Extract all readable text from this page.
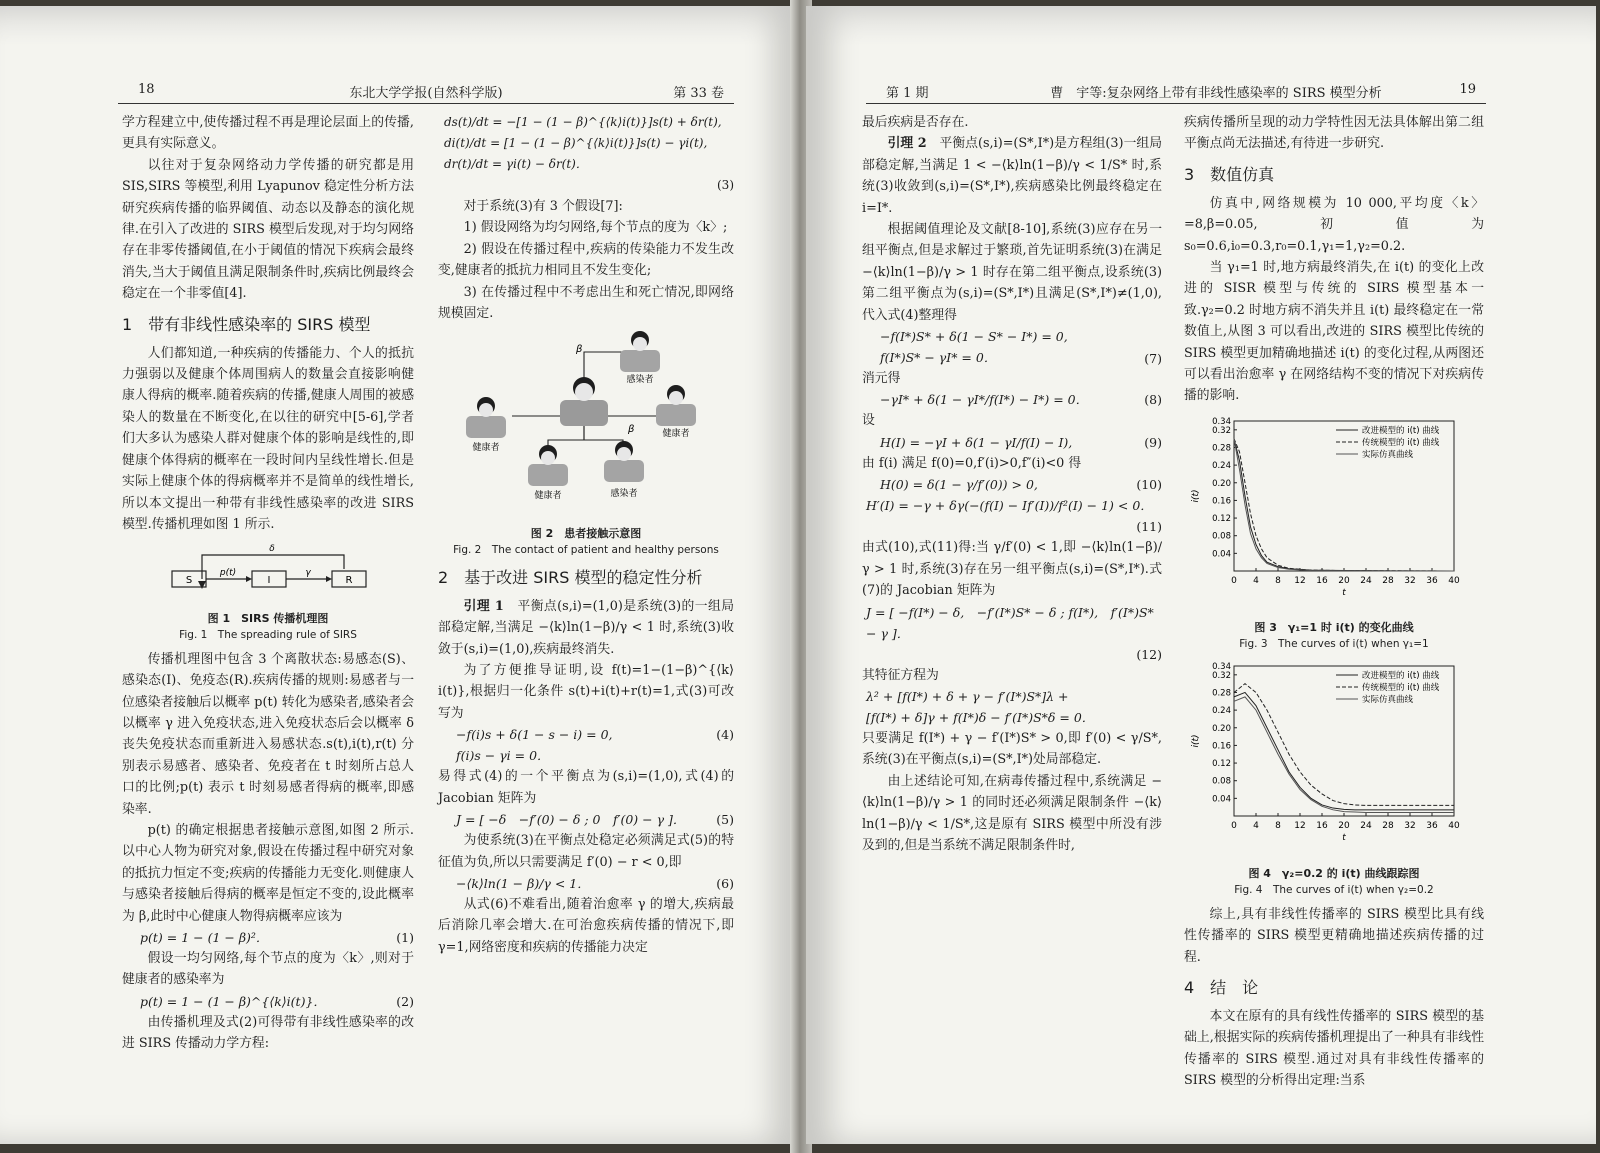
18	东北大学学报(自然科学版)	第 33 卷

学方程建立中,使传播过程不再是理论层面上的传播,更具有实际意义。

以往对于复杂网络动力学传播的研究都是用 SIS,SIRS 等模型,利用 Lyapunov 稳定性分析方法研究疾病传播的临界阈值、动态以及静态的演化规律.在引入了改进的 SIRS 模型后发现,对于均匀网络存在非零传播阈值,在小于阈值的情况下疾病会最终消失,当大于阈值且满足限制条件时,疾病比例最终会稳定在一个非零值[4].

1　带有非线性感染率的 SIRS 模型

人们都知道,一种疾病的传播能力、个人的抵抗力强弱以及健康个体周围病人的数量会直接影响健康人得病的概率.随着疾病的传播,健康人周围的被感染人的数量在不断变化,在以往的研究中[5-6],学者们大多认为感染人群对健康个体的影响是线性的,即健康个体得病的概率在一段时间内呈线性增长.但是实际上健康个体的得病概率并不是简单的线性增长,所以本文提出一种带有非线性感染率的改进 SIRS 模型.传播机理如图 1 所示.

S	I	R
p(t)	γ
δ
图 1　SIRS 传播机理图
Fig. 1　The spreading rule of SIRS

传播机理图中包含 3 个离散状态:易感态(S)、感染态(I)、免疫态(R).疾病传播的规则:易感者与一位感染者接触后以概率 p(t) 转化为感染者,感染者会以概率 γ 进入免疫状态,进入免疫状态后会以概率 δ 丧失免疫状态而重新进入易感状态.s(t),i(t),r(t) 分别表示易感者、感染者、免疫者在 t 时刻所占总人口的比例;p(t) 表示 t 时刻易感者得病的概率,即感染率.

p(t) 的确定根据患者接触示意图,如图 2 所示.以中心人物为研究对象,假设在传播过程中研究对象的抵抗力恒定不变;疾病的传播能力无变化.则健康人与感染者接触后得病的概率是恒定不变的,设此概率为 β,此时中心健康人物得病概率应该为

p(t) = 1 − (1 − β)²．	(1)

假设一均匀网络,每个节点的度为〈k〉,则对于健康者的感染率为

p(t) = 1 − (1 − β)^{⟨k⟩i(t)}．	(2)

由传播机理及式(2)可得带有非线性感染率的改进 SIRS 传播动力学方程:

ds(t)/dt = −[1 − (1 − β)^{⟨k⟩i(t)}]s(t) + δr(t),
di(t)/dt = [1 − (1 − β)^{⟨k⟩i(t)}]s(t) − γi(t),
dr(t)/dt = γi(t) − δr(t)．
(3)

对于系统(3)有 3 个假设[7]:

1) 假设网络为均匀网络,每个节点的度为〈k〉;

2) 假设在传播过程中,疾病的传染能力不发生改变,健康者的抵抗力相同且不发生变化;

3) 在传播过程中不考虑出生和死亡情况,即网络规模固定.

β
β
感染者
健康者
健康者
健康者	感染者
图 2　患者接触示意图
Fig. 2　The contact of patient and healthy persons
2　基于改进 SIRS 模型的稳定性分析

引理 1　 平衡点(s,i)=(1,0)是系统(3)的一组局部稳定解,当满足 −⟨k⟩ln(1−β)/γ < 1 时,系统(3)收敛于(s,i)=(1,0),疾病最终消失.

为了方便推导证明,设 f(t)=1−(1−β)^{⟨k⟩i(t)},根据归一化条件 s(t)+i(t)+r(t)=1,式(3)可改写为

−f(i)s + δ(1 − s − i) = 0,
f(i)s − γi = 0．
(4)

易得式(4)的一个平衡点为(s,i)=(1,0),式(4)的 Jacobian 矩阵为

J = [ −δ　−f′(0) − δ ; 0　f′(0) − γ ]． (5)

为使系统(3)在平衡点处稳定必须满足式(5)的特征值为负,所以只需要满足 f′(0) − r < 0,即

−⟨k⟩ln(1 − β)/γ < 1．	(6)

从式(6)不难看出,随着治愈率 γ 的增大,疾病最后消除几率会增大.在可治愈疾病传播的情况下,即 γ=1,网络密度和疾病的传播能力决定

第 1 期	曹　宇等:复杂网络上带有非线性感染率的 SIRS 模型分析	19

最后疾病是否存在.

引理 2　 平衡点(s,i)=(S*,I*)是方程组(3)一组局部稳定解,当满足 1 < −⟨k⟩ln(1−β)/γ < 1/S* 时,系统(3)收敛到(s,i)=(S*,I*),疾病感染比例最终稳定在 i=I*.

根据阈值理论及文献[8-10],系统(3)应存在另一组平衡点,但是求解过于繁琐,首先证明系统(3)在满足 −⟨k⟩ln(1−β)/γ > 1 时存在第二组平衡点,设系统(3)第二组平衡点为(s,i)=(S*,I*)且满足(S*,I*)≠(1,0),代入式(4)整理得

−f(I*)S* + δ(1 − S* − I*) = 0,
f(I*)S* − γI* = 0．	(7)

消元得

−γI* + δ(1 − γI*/f(I*) − I*) = 0．	(8)

设

H(I) = −γI + δ(1 − γI/f(I) − I),	(9)

由 f(i) 满足 f(0)=0,f′(i)>0,f″(i)<0 得

H(0) = δ(1 − γ/f′(0)) > 0,	(10)
H′(I) = −γ + δγ(−(f(I) − If′(I))/f²(I) − 1) < 0．
(11)

由式(10),式(11)得:当 γ/f′(0) < 1,即 −⟨k⟩ln(1−β)/γ > 1 时,系统(3)存在另一组平衡点(s,i)=(S*,I*).式(7)的 Jacobian 矩阵为

J = [ −f(I*) − δ,　−f′(I*)S* − δ ; f(I*),　f′(I*)S* − γ ]．
(12)

其特征方程为

λ² + [f(I*) + δ + γ − f′(I*)S*]λ +
[f(I*) + δ]γ + f(I*)δ − f′(I*)S*δ = 0．

只要满足 f(I*) + γ − f′(I*)S* > 0,即 f′(0) < γ/S*,系统(3)在平衡点(s,i)=(S*,I*)处局部稳定.

由上述结论可知,在病毒传播过程中,系统满足 −⟨k⟩ln(1−β)/γ > 1 的同时还必须满足限制条件 −⟨k⟩ln(1−β)/γ < 1/S*,这是原有 SIRS 模型中所没有涉及到的,但是当系统不满足限制条件时,

疾病传播所呈现的动力学特性因无法具体解出第二组平衡点尚无法描述,有待进一步研究.

3　数值仿真

仿真中,网络规模为 10 000,平均度〈k〉=8,β=0.05,初值为 s₀=0.6,i₀=0.3,r₀=0.1,γ₁=1,γ₂=0.2.

当 γ₁=1 时,地方病最终消失,在 i(t) 的变化上改进的 SISR 模型与传统的 SIRS 模型基本一致.γ₂=0.2 时地方病不消失并且 i(t) 最终稳定在一常数值上,从图 3 可以看出,改进的 SIRS 模型比传统的 SIRS 模型更加精确地描述 i(t) 的变化过程,从两图还可以看出治愈率 γ 在网络结构不变的情况下对疾病传播的影响.

0 4 8 12 16 20 24 28 32 36 40
0.04
0.08
0.12
0.16
0.20
0.24
0.28
0.32
0.34
t
i(t)
改进模型的 i(t) 曲线
传统模型的 i(t) 曲线
实际仿真曲线
图 3　γ₁=1 时 i(t) 的变化曲线
Fig. 3　The curves of i(t) when γ₁=1
0 4 8 12 16 20 24 28 32 36 40
0.04
0.08
0.12
0.16
0.20
0.24
0.28
0.32
0.34
t
i(t)
改进模型的 i(t) 曲线
传统模型的 i(t) 曲线
实际仿真曲线
图 4　γ₂=0.2 的 i(t) 曲线跟踪图
Fig. 4　The curves of i(t) when γ₂=0.2

综上,具有非线性传播率的 SIRS 模型比具有线性传播率的 SIRS 模型更精确地描述疾病传播的过程.

4　结　论

本文在原有的具有线性传播率的 SIRS 模型的基础上,根据实际的疾病传播机理提出了一种具有非线性传播率的 SIRS 模型.通过对具有非线性传播率的 SIRS 模型的分析得出定理:当系
